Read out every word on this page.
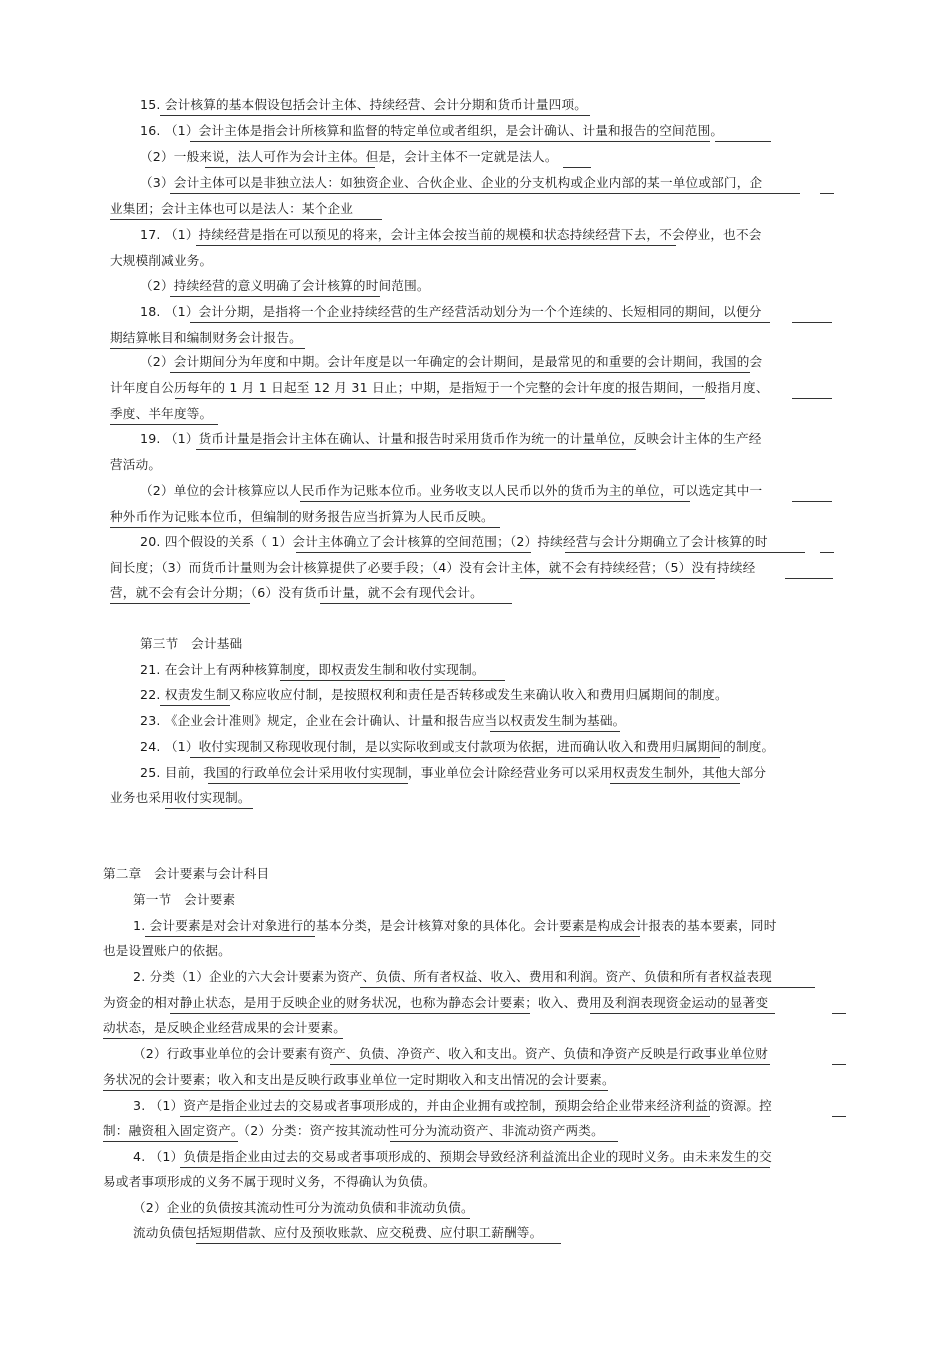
15. 会计核算的基本假设包括会计主体、持续经营、会计分期和货币计量四项。
16. （1）会计主体是指会计所核算和监督的特定单位或者组织，是会计确认、计量和报告的空间范围。
（2）一般来说，法人可作为会计主体。但是，会计主体不一定就是法人。
（3）会计主体可以是非独立法人：如独资企业、合伙企业、企业的分支机构或企业内部的某一单位或部门，企
业集团；会计主体也可以是法人：某个企业
17. （1）持续经营是指在可以预见的将来，会计主体会按当前的规模和状态持续经营下去，不会停业，也不会
大规模削减业务。
（2）持续经营的意义明确了会计核算的时间范围。
18. （1）会计分期，是指将一个企业持续经营的生产经营活动划分为一个个连续的、长短相同的期间，以便分
期结算帐目和编制财务会计报告。
（2）会计期间分为年度和中期。会计年度是以一年确定的会计期间，是最常见的和重要的会计期间，我国的会
计年度自公历每年的 1 月 1 日起至 12 月 31 日止；中期，是指短于一个完整的会计年度的报告期间，一般指月度、
季度、半年度等。
19. （1）货币计量是指会计主体在确认、计量和报告时采用货币作为统一的计量单位，反映会计主体的生产经
营活动。
（2）单位的会计核算应以人民币作为记账本位币。业务收支以人民币以外的货币为主的单位，可以选定其中一
种外币作为记账本位币，但编制的财务报告应当折算为人民币反映。
20. 四个假设的关系（ 1）会计主体确立了会计核算的空间范围；（2）持续经营与会计分期确立了会计核算的时
间长度；（3）而货币计量则为会计核算提供了必要手段；（4）没有会计主体，就不会有持续经营；（5）没有持续经
营，就不会有会计分期；（6）没有货币计量，就不会有现代会计。
第三节　会计基础
21. 在会计上有两种核算制度，即权责发生制和收付实现制。
22. 权责发生制又称应收应付制，是按照权利和责任是否转移或发生来确认收入和费用归属期间的制度。
23. 《企业会计准则》规定，企业在会计确认、计量和报告应当以权责发生制为基础。
24. （1）收付实现制又称现收现付制，是以实际收到或支付款项为依据，进而确认收入和费用归属期间的制度。
25. 目前，我国的行政单位会计采用收付实现制，事业单位会计除经营业务可以采用权责发生制外，其他大部分
业务也采用收付实现制。
第二章　会计要素与会计科目
第一节　会计要素
1. 会计要素是对会计对象进行的基本分类，是会计核算对象的具体化。会计要素是构成会计报表的基本要素，同时
也是设置账户的依据。
2. 分类（1）企业的六大会计要素为资产、负债、所有者权益、收入、费用和利润。资产、负债和所有者权益表现
为资金的相对静止状态，是用于反映企业的财务状况，也称为静态会计要素；收入、费用及利润表现资金运动的显著变
动状态，是反映企业经营成果的会计要素。
（2）行政事业单位的会计要素有资产、负债、净资产、收入和支出。资产、负债和净资产反映是行政事业单位财
务状况的会计要素；收入和支出是反映行政事业单位一定时期收入和支出情况的会计要素。
3. （1）资产是指企业过去的交易或者事项形成的，并由企业拥有或控制，预期会给企业带来经济利益的资源。控
制：融资租入固定资产。（2）分类：资产按其流动性可分为流动资产、非流动资产两类。
4. （1）负债是指企业由过去的交易或者事项形成的、预期会导致经济利益流出企业的现时义务。由未来发生的交
易或者事项形成的义务不属于现时义务，不得确认为负债。
（2）企业的负债按其流动性可分为流动负债和非流动负债。
流动负债包括短期借款、应付及预收账款、应交税费、应付职工薪酬等。
